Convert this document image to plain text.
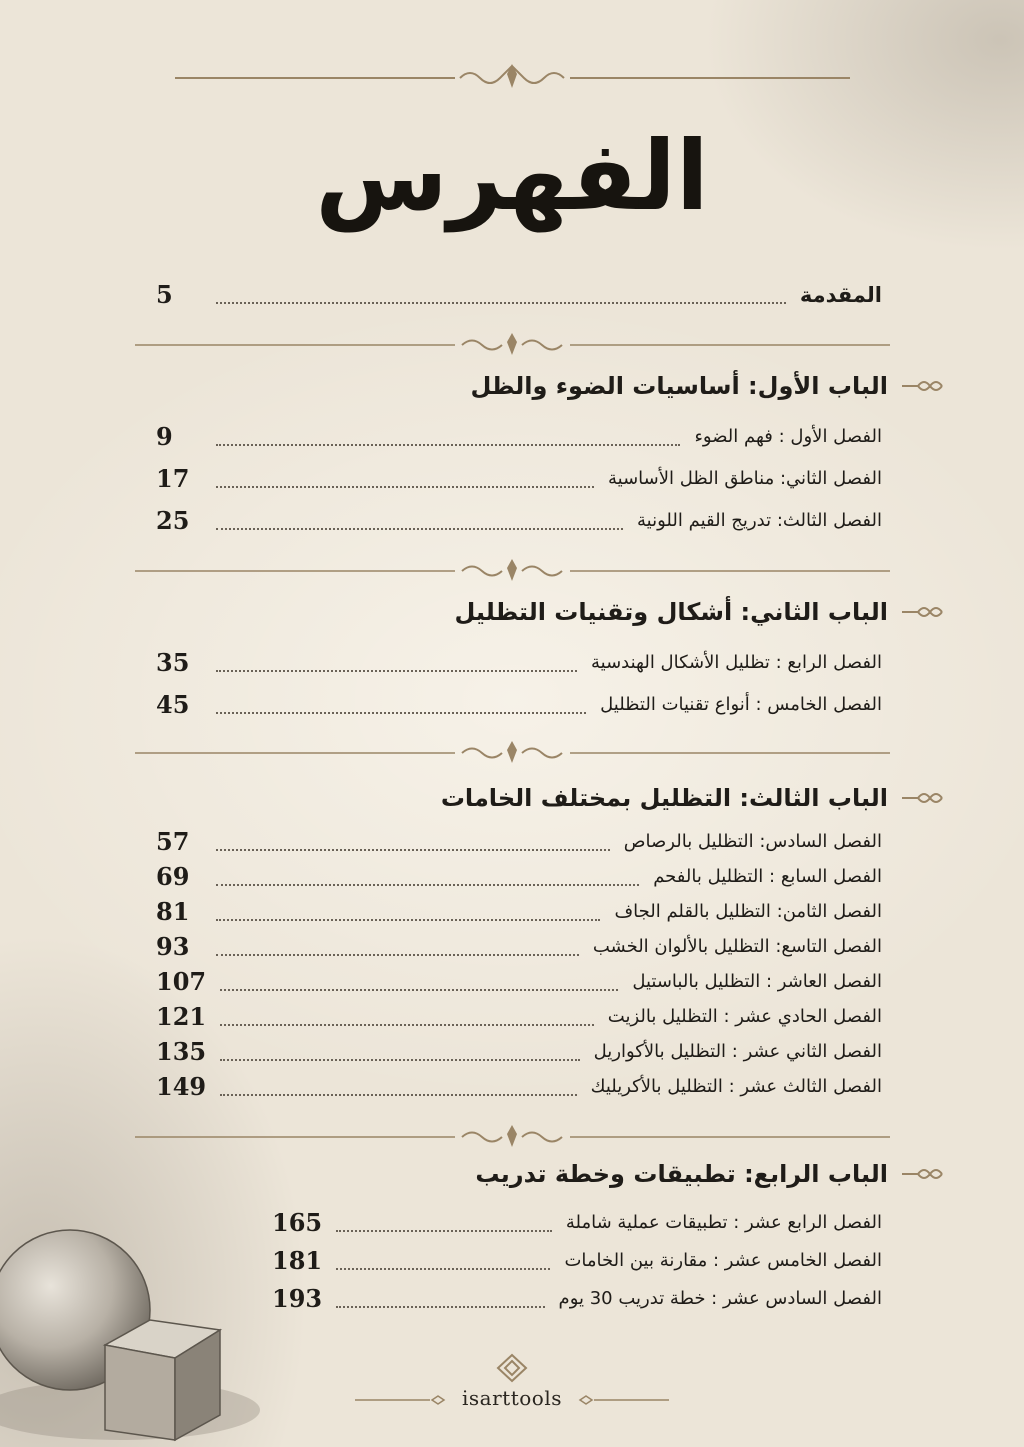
الفهرس
المقدمة
5
الباب الأول: أساسيات الضوء والظل
الفصل الأول : فهم الضوء
9
الفصل الثاني: مناطق الظل الأساسية
17
الفصل الثالث: تدريج القيم اللونية
25
الباب الثاني: أشكال وتقنيات التظليل
الفصل الرابع : تظليل الأشكال الهندسية
35
الفصل الخامس : أنواع تقنيات التظليل
45
الباب الثالث: التظليل بمختلف الخامات
الفصل السادس: التظليل بالرصاص
57
الفصل السابع : التظليل بالفحم
69
الفصل الثامن: التظليل بالقلم الجاف
81
الفصل التاسع: التظليل بالألوان الخشب
93
الفصل العاشر : التظليل بالباستيل
107
الفصل الحادي عشر : التظليل بالزيت
121
الفصل الثاني عشر : التظليل بالأكواريل
135
الفصل الثالث عشر : التظليل بالأكريليك
149
الباب الرابع: تطبيقات وخطة تدريب
الفصل الرابع عشر : تطبيقات عملية شاملة
165
الفصل الخامس عشر : مقارنة بين الخامات
181
الفصل السادس عشر : خطة تدريب 30 يوم
193
isarttools
